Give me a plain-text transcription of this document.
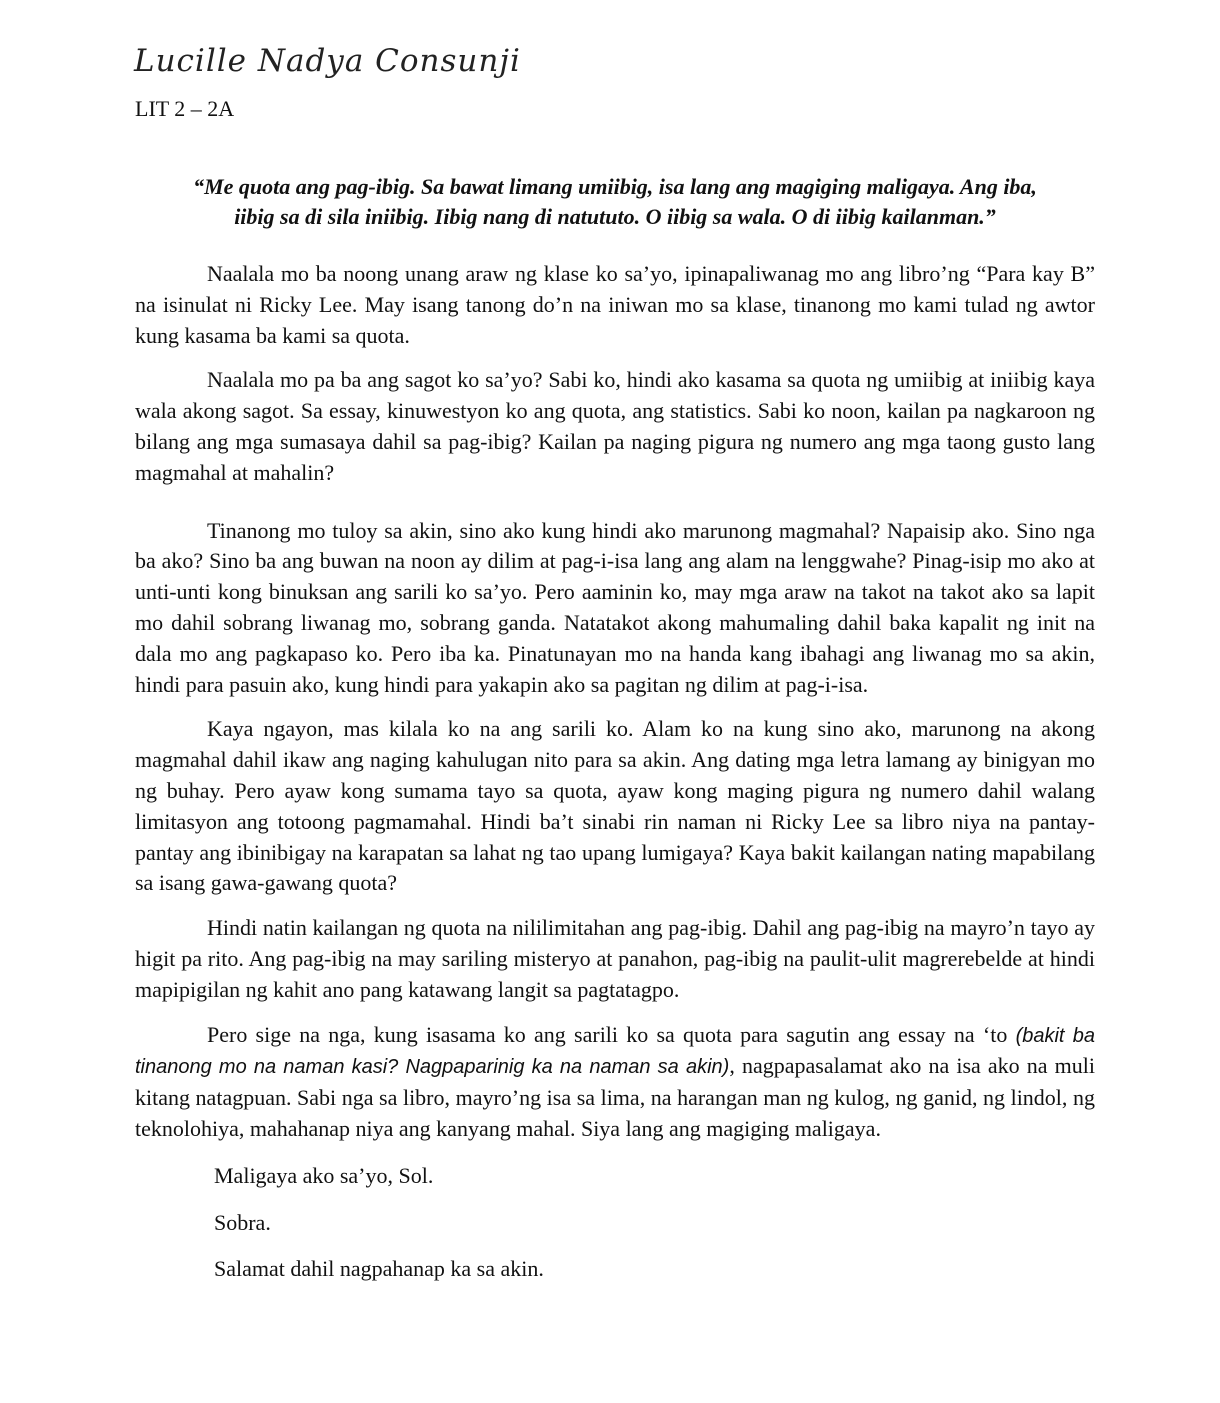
Lucille Nadya Consunji
LIT 2 – 2A

“Me quota ang pag-ibig. Sa bawat limang umiibig, isa lang ang magiging maligaya. Ang iba,
iibig sa di sila iniibig. Iibig nang di natututo. O iibig sa wala. O di iibig kailanman.”

Naalala mo ba noong unang araw ng klase ko sa’yo, ipinapaliwanag mo ang libro’ng “Para kay B” na isinulat ni Ricky Lee. May isang tanong do’n na iniwan mo sa klase, tinanong mo kami tulad ng awtor kung kasama ba kami sa quota.

Naalala mo pa ba ang sagot ko sa’yo? Sabi ko, hindi ako kasama sa quota ng umiibig at iniibig kaya wala akong sagot. Sa essay, kinuwestyon ko ang quota, ang statistics. Sabi ko noon, kailan pa nagkaroon ng bilang ang mga sumasaya dahil sa pag-ibig? Kailan pa naging pigura ng numero ang mga taong gusto lang magmahal at mahalin?

Tinanong mo tuloy sa akin, sino ako kung hindi ako marunong magmahal? Napaisip ako. Sino nga ba ako? Sino ba ang buwan na noon ay dilim at pag-i-isa lang ang alam na lenggwahe? Pinag-isip mo ako at unti-unti kong binuksan ang sarili ko sa’yo. Pero aaminin ko, may mga araw na takot na takot ako sa lapit mo dahil sobrang liwanag mo, sobrang ganda. Natatakot akong mahumaling dahil baka kapalit ng init na dala mo ang pagkapaso ko. Pero iba ka. Pinatunayan mo na handa kang ibahagi ang liwanag mo sa akin, hindi para pasuin ako, kung hindi para yakapin ako sa pagitan ng dilim at pag-i-isa.

Kaya ngayon, mas kilala ko na ang sarili ko. Alam ko na kung sino ako, marunong na akong magmahal dahil ikaw ang naging kahulugan nito para sa akin. Ang dating mga letra lamang ay binigyan mo ng buhay. Pero ayaw kong sumama tayo sa quota, ayaw kong maging pigura ng numero dahil walang limitasyon ang totoong pagmamahal. Hindi ba’t sinabi rin naman ni Ricky Lee sa libro niya na pantay-pantay ang ibinibigay na karapatan sa lahat ng tao upang lumigaya? Kaya bakit kailangan nating mapabilang sa isang gawa-gawang quota?

Hindi natin kailangan ng quota na nililimitahan ang pag-ibig. Dahil ang pag-ibig na mayro’n tayo ay higit pa rito. Ang pag-ibig na may sariling misteryo at panahon, pag-ibig na paulit-ulit magrerebelde at hindi mapipigilan ng kahit ano pang katawang langit sa pagtatagpo.

Pero sige na nga, kung isasama ko ang sarili ko sa quota para sagutin ang essay na ‘to (bakit ba tinanong mo na naman kasi? Nagpaparinig ka na naman sa akin), nagpapasalamat ako na isa ako na muli kitang natagpuan. Sabi nga sa libro, mayro’ng isa sa lima, na harangan man ng kulog, ng ganid, ng lindol, ng teknolohiya, mahahanap niya ang kanyang mahal. Siya lang ang magiging maligaya.

Maligaya ako sa’yo, Sol.

Sobra.

Salamat dahil nagpahanap ka sa akin.
